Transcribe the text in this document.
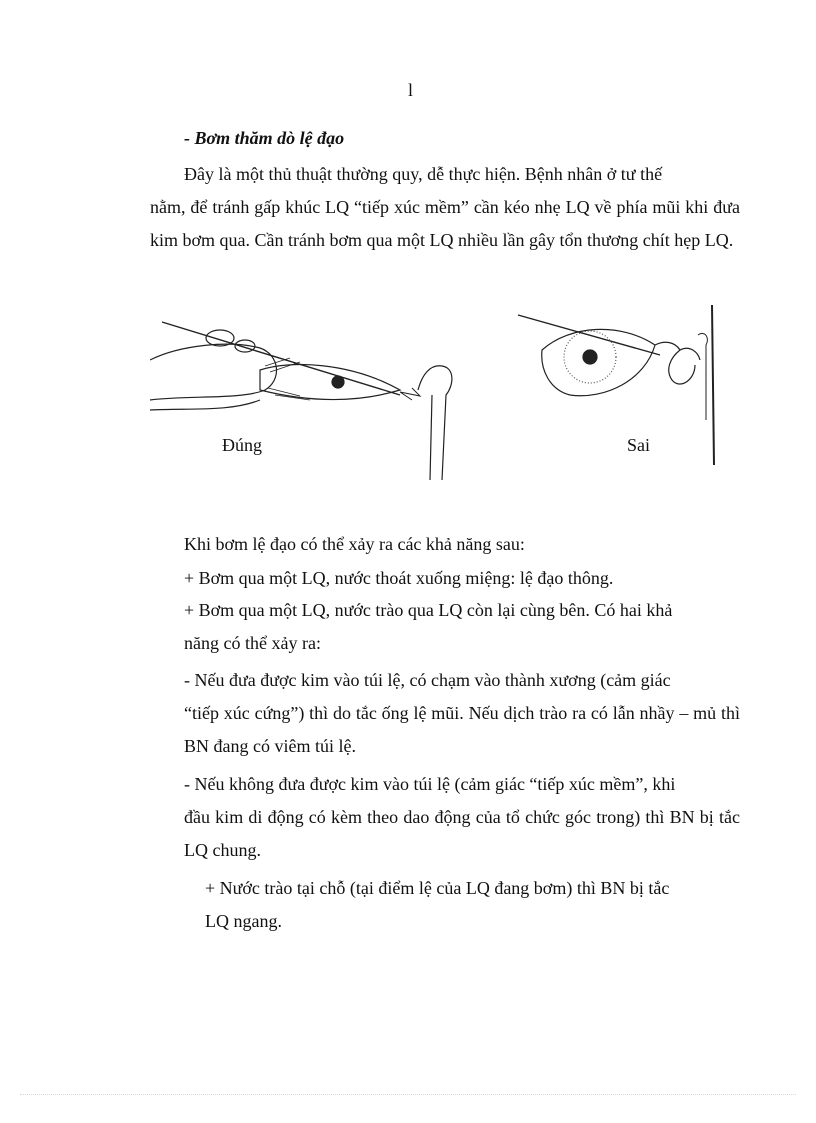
l
- Bơm thăm dò lệ đạo
Đây là một thủ thuật thường quy, dễ thực hiện. Bệnh nhân ở tư thế
nằm, để tránh gấp khúc LQ “tiếp xúc mềm” cần kéo nhẹ LQ về phía mũi khi đưa kim bơm qua. Cần tránh bơm qua một LQ nhiều lần gây tổn thương chít hẹp LQ.
Đúng	Sai
Khi bơm lệ đạo có thể xảy ra các khả năng sau:
+ Bơm qua một LQ, nước thoát xuống miệng: lệ đạo thông.
+ Bơm qua một LQ, nước trào qua LQ còn lại cùng bên. Có hai khả
năng có thể xảy ra:
- Nếu đưa được kim vào túi lệ, có chạm vào thành xương (cảm giác
“tiếp xúc cứng”) thì do tắc ống lệ mũi. Nếu dịch trào ra có lẫn nhầy – mủ thì BN đang có viêm túi lệ.
- Nếu không đưa được kim vào túi lệ (cảm giác “tiếp xúc mềm”, khi
đầu kim di động có kèm theo dao động của tổ chức góc trong) thì BN bị tắc LQ chung.
+ Nước trào tại chỗ (tại điểm lệ của LQ đang bơm) thì BN bị tắc
LQ ngang.
